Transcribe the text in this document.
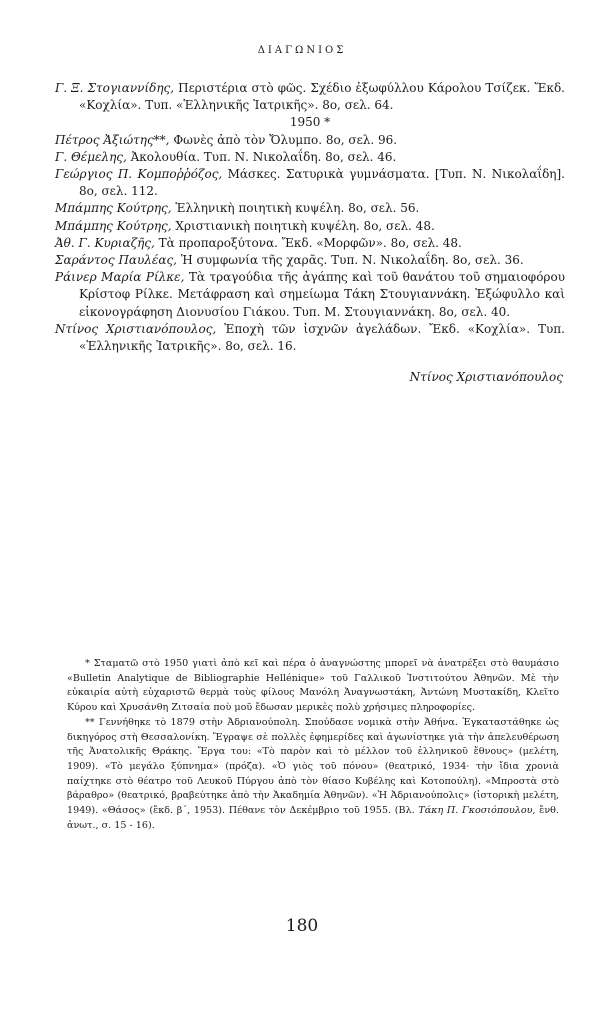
ΔΙΑΓΩΝΙΟΣ

Γ. Ξ. Στογιαννίδης, Περιστέρια στὸ φῶς. Σχέδιο ἐξωφύλλου Κάρολου Τσίζεκ. Ἔκδ. «Κοχλία». Τυπ. «Ἑλληνικῆς Ἰατρικῆς». 8ο, σελ. 64.

1950 *

Πέτρος Ἀξιώτης**, Φωνὲς ἀπὸ τὸν Ὄλυμπο. 8ο, σελ. 96.

Γ. Θέμελης, Ἀκολουθία. Τυπ. Ν. Νικολαΐδη. 8ο, σελ. 46.

Γεώργιος Π. Κομποῤῥόζος, Μάσκες. Σατυρικὰ γυμνάσματα. [Τυπ. Ν. Νικολαΐδη]. 8ο, σελ. 112.

Μπάμπης Κούτρης, Ἑλληνικὴ ποιητικὴ κυψέλη. 8ο, σελ. 56.

Μπάμπης Κούτρης, Χριστιανικὴ ποιητικὴ κυψέλη. 8ο, σελ. 48.

Ἀθ. Γ. Κυριαζῆς, Τὰ προπαροξύτονα. Ἔκδ. «Μορφῶν». 8ο, σελ. 48.

Σαράντος Παυλέας, Ἡ συμφωνία τῆς χαρᾶς. Τυπ. Ν. Νικολαΐδη. 8ο, σελ. 36.

Ράινερ Μαρία Ρίλκε, Τὰ τραγούδια τῆς ἀγάπης καὶ τοῦ θανάτου τοῦ σημαιοφόρου Κρίστοφ Ρίλκε. Μετάφραση καὶ σημείωμα Τάκη Στουγιαννάκη. Ἐξώφυλλο καὶ εἰκονογράφηση Διονυσίου Γιάκου. Τυπ. Μ. Στουγιαννάκη. 8ο, σελ. 40.

Ντίνος Χριστιανόπουλος, Ἐποχὴ τῶν ἰσχνῶν ἀγελάδων. Ἔκδ. «Κοχλία». Τυπ. «Ἑλληνικῆς Ἰατρικῆς». 8ο, σελ. 16.

Ντίνος Χριστιανόπουλος

* Σταματῶ στὸ 1950 γιατὶ ἀπὸ κεῖ καὶ πέρα ὁ ἀναγνώστης μπορεῖ νὰ ἀνατρέξει στὸ θαυμάσιο «Bulletin Analytique de Bibliographie Hellénique» τοῦ Γαλλικοῦ Ἰνστιτούτου Ἀθηνῶν. Μὲ τὴν εὐκαιρία αὐτὴ εὐχαριστῶ θερμὰ τοὺς φίλους Μανόλη Ἀναγνωστάκη, Ἀντώνη Μυστακίδη, Κλεῖτο Κύρου καὶ Χρυσάνθη Ζιτσαία ποὺ μοῦ ἔδωσαν μερικὲς πολὺ χρήσιμες πληροφορίες.

** Γεννήθηκε τὸ 1879 στὴν Ἀδριανούπολη. Σπούδασε νομικὰ στὴν Ἀθήνα. Ἐγκαταστάθηκε ὡς δικηγόρος στὴ Θεσσαλονίκη. Ἔγραψε σὲ πολλὲς ἐφημερίδες καὶ ἀγωνίστηκε γιὰ τὴν ἀπελευθέρωση τῆς Ἀνατολικῆς Θράκης. Ἔργα του: «Τὸ παρὸν καὶ τὸ μέλλον τοῦ ἑλληνικοῦ ἔθνους» (μελέτη, 1909). «Τὸ μεγάλο ξύπνημα» (πρόζα). «Ὁ γιὸς τοῦ πόνου» (θεατρικό, 1934· τὴν ἴδια χρονιὰ παίχτηκε στὸ θέατρο τοῦ Λευκοῦ Πύργου ἀπὸ τὸν θίασο Κυβέλης καὶ Κοτοπούλη). «Μπροστὰ στὸ βάραθρο» (θεατρικό, βραβεύτηκε ἀπὸ τὴν Ἀκαδημία Ἀθηνῶν). «Ἡ Ἀδριανούπολις» (ἱστορικὴ μελέτη, 1949). «Θάσος» (ἔκδ. β΄, 1953). Πέθανε τὸν Δεκέμβριο τοῦ 1955. (Βλ. Τάκη Π. Γκοσιόπουλου, ἔνθ. ἀνωτ., σ. 15 - 16).

180
